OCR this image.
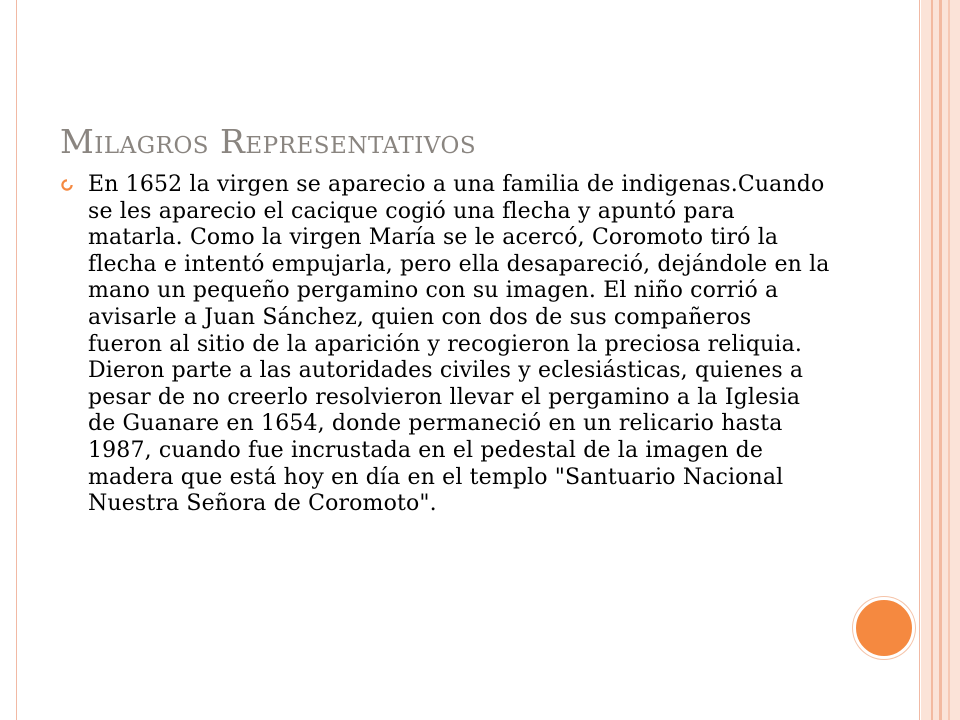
Milagros Representativos
En 1652 la virgen se aparecio a una familia de indigenas.Cuando se les aparecio el cacique cogió una flecha y apuntó para matarla. Como la virgen María se le acercó, Coromoto tiró la flecha e intentó empujarla, pero ella desapareció, dejándole en la mano un pequeño pergamino con su imagen. El niño corrió a avisarle a Juan Sánchez, quien con dos de sus compañeros fueron al sitio de la aparición y recogieron la preciosa reliquia. Dieron parte a las autoridades civiles y eclesiásticas, quienes a pesar de no creerlo resolvieron llevar el pergamino a la Iglesia de Guanare en 1654, donde permaneció en un relicario hasta 1987, cuando fue incrustada en el pedestal de la imagen de madera que está hoy en día en el templo "Santuario Nacional Nuestra Señora de Coromoto".
